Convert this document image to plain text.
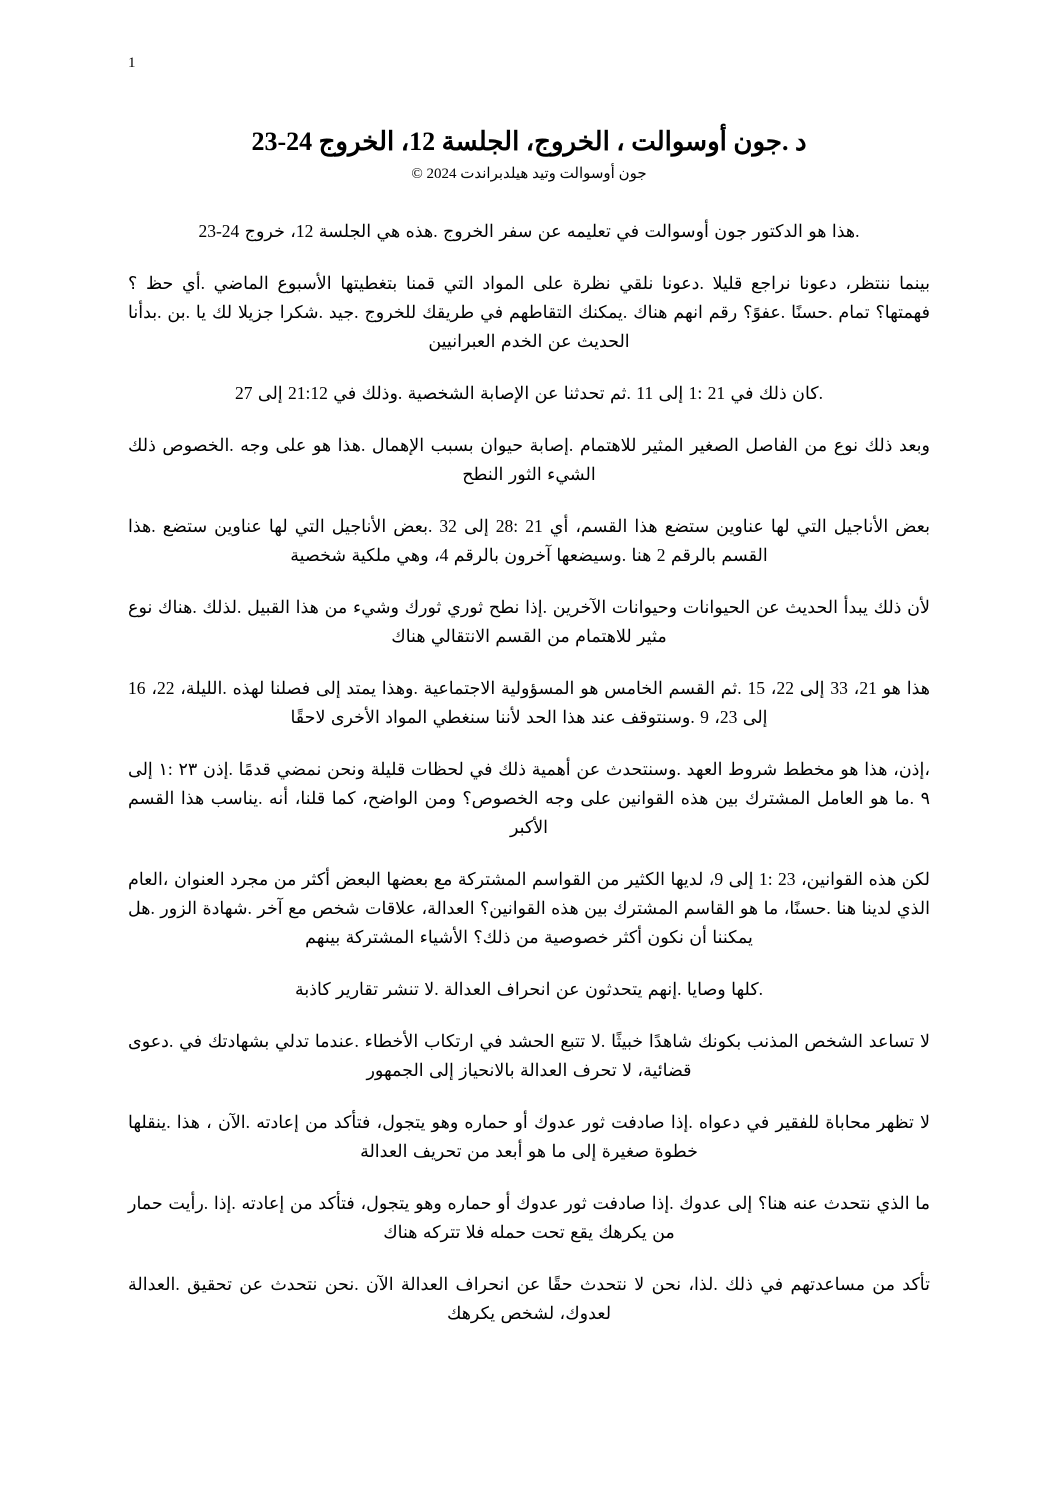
1
د .جون أوسوالت ، الخروج، الجلسة 12، الخروج 24-23
جون أوسوالت وتيد هيلدبراندت 2024 ©

.هذا هو الدكتور جون أوسوالت في تعليمه عن سفر الخروج .هذه هي الجلسة 12، خروج 24-23

بينما ننتظر، دعونا نراجع قليلا .دعونا نلقي نظرة على المواد التي قمنا بتغطيتها الأسبوع الماضي .أي حظ ؟ فهمتها؟ تمام .حسنًا .عفوً؟ رقم انهم هناك .يمكنك التقاطهم في طريقك للخروج .جيد .شكرا جزيلا لك يا .بن .بدأنا الحديث عن الخدم العبرانيين

.كان ذلك في 21 :1 إلى 11 .ثم تحدثنا عن الإصابة الشخصية .وذلك في 21:12 إلى 27

وبعد ذلك نوع من الفاصل الصغير المثير للاهتمام .إصابة حيوان بسبب الإهمال .هذا هو على وجه .الخصوص ذلك الشيء الثور النطح

بعض الأناجيل التي لها عناوين ستضع هذا القسم، أي 21 :28 إلى 32 .بعض الأناجيل التي لها عناوين ستضع .هذا القسم بالرقم 2 هنا .وسيضعها آخرون بالرقم 4، وهي ملكية شخصية

لأن ذلك يبدأ الحديث عن الحيوانات وحيوانات الآخرين .إذا نطح ثوري ثورك وشيء من هذا القبيل .لذلك .هناك نوع مثير للاهتمام من القسم الانتقالي هناك

هذا هو 21، 33 إلى 22، 15 .ثم القسم الخامس هو المسؤولية الاجتماعية .وهذا يمتد إلى فصلنا لهذه .الليلة، 22، 16 إلى 23، 9 .وسنتوقف عند هذا الحد لأننا سنغطي المواد الأخرى لاحقًا

،إذن، هذا هو مخطط شروط العهد .وسنتحدث عن أهمية ذلك في لحظات قليلة ونحن نمضي قدمًا .إذن ٢٣ :١ إلى ٩ .ما هو العامل المشترك بين هذه القوانين على وجه الخصوص؟ ومن الواضح، كما قلنا، أنه .يناسب هذا القسم الأكبر

لكن هذه القوانين، 23 :1 إلى 9، لديها الكثير من القواسم المشتركة مع بعضها البعض أكثر من مجرد العنوان ،العام الذي لدينا هنا .حسنًا، ما هو القاسم المشترك بين هذه القوانين؟ العدالة، علاقات شخص مع آخر .شهادة الزور .هل يمكننا أن نكون أكثر خصوصية من ذلك؟ الأشياء المشتركة بينهم

.كلها وصايا .إنهم يتحدثون عن انحراف العدالة .لا تنشر تقارير كاذبة

لا تساعد الشخص المذنب بكونك شاهدًا خبيثًا .لا تتبع الحشد في ارتكاب الأخطاء .عندما تدلي بشهادتك في .دعوى قضائية، لا تحرف العدالة بالانحياز إلى الجمهور

لا تظهر محاباة للفقير في دعواه .إذا صادفت ثور عدوك أو حماره وهو يتجول، فتأكد من إعادته .الآن ، هذا .ينقلها خطوة صغيرة إلى ما هو أبعد من تحريف العدالة

ما الذي نتحدث عنه هنا؟ إلى عدوك .إذا صادفت ثور عدوك أو حماره وهو يتجول، فتأكد من إعادته .إذا .رأيت حمار من يكرهك يقع تحت حمله فلا تتركه هناك

تأكد من مساعدتهم في ذلك .لذا، نحن لا نتحدث حقًا عن انحراف العدالة الآن .نحن نتحدث عن تحقيق .العدالة لعدوك، لشخص يكرهك
